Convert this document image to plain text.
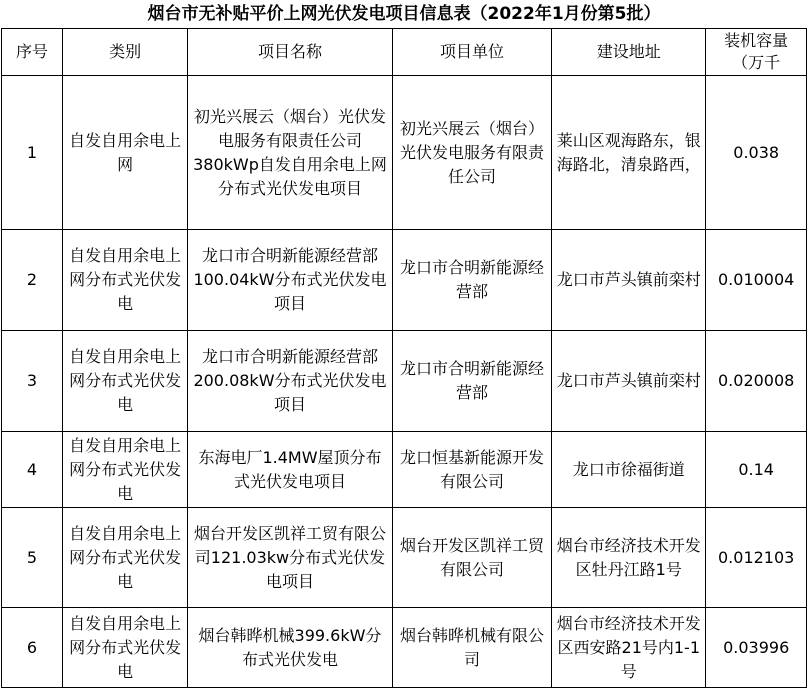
烟台市无补贴平价上网光伏发电项目信息表（2022年1月份第5批）
序号	类别	项目名称	项目单位	建设地址	装机容量（万千
1	自发自用余电上网	初光兴展云（烟台）光伏发电服务有限责任公司380kWp自发自用余电上网分布式光伏发电项目	初光兴展云（烟台）光伏发电服务有限责任公司	莱山区观海路东，银海路北，清泉路西，	0.038
2	自发自用余电上网分布式光伏发电	龙口市合明新能源经营部100.04kW分布式光伏发电项目	龙口市合明新能源经营部	龙口市芦头镇前栾村	0.010004
3	自发自用余电上网分布式光伏发电	龙口市合明新能源经营部200.08kW分布式光伏发电项目	龙口市合明新能源经营部	龙口市芦头镇前栾村	0.020008
4	自发自用余电上网分布式光伏发电	东海电厂1.4MW屋顶分布式光伏发电项目	龙口恒基新能源开发有限公司	龙口市徐福街道	0.14
5	自发自用余电上网分布式光伏发电	烟台开发区凯祥工贸有限公司121.03kw分布式光伏发电项目	烟台开发区凯祥工贸有限公司	烟台市经济技术开发区牡丹江路1号	0.012103
6	自发自用余电上网分布式光伏发电	烟台韩晔机械399.6kW分布式光伏发电	烟台韩晔机械有限公司	烟台市经济技术开发区西安路21号内1-1号	0.03996
